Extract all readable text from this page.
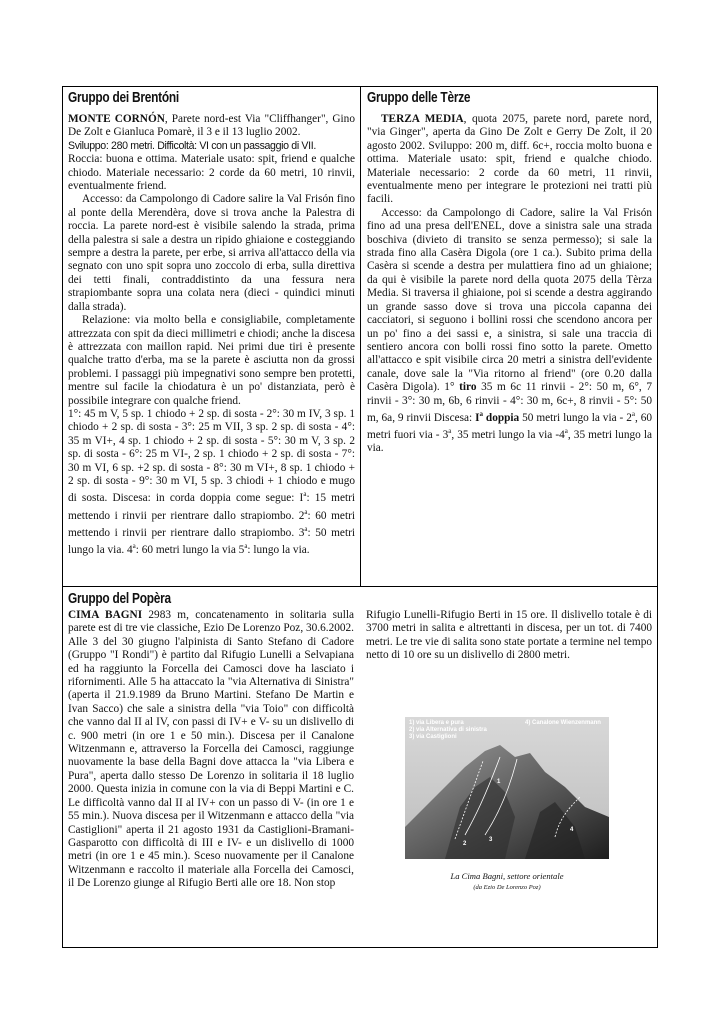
Gruppo dei Brentóni

MONTE CORNÓN, Parete nord-est Via "Cliffhanger", Gino De Zolt e Gianluca Pomarè, il 3 e il 13 luglio 2002.

Sviluppo: 280 metri. Difficoltà: VI con un passaggio di VII.

Roccia: buona e ottima. Materiale usato: spit, friend e qualche chiodo. Materiale necessario: 2 corde da 60 metri, 10 rinvii, eventualmente friend.

Accesso: da Campolongo di Cadore salire la Val Frisón fino al ponte della Merendèra, dove si trova anche la Palestra di roccia. La parete nord-est è visibile salendo la strada, prima della palestra si sale a destra un ripido ghiaione e costeggiando sempre a destra la parete, per erbe, si arriva all'attacco della via segnato con uno spit sopra uno zoccolo di erba, sulla direttiva dei tetti finali, contraddistinto da una fessura nera strapiombante sopra una colata nera (dieci - quindici minuti dalla strada).

Relazione: via molto bella e consigliabile, completamente attrezzata con spit da dieci millimetri e chiodi; anche la discesa è attrezzata con maillon rapid. Nei primi due tiri è presente qualche tratto d'erba, ma se la parete è asciutta non da grossi problemi. I passaggi più impegnativi sono sempre ben protetti, mentre sul facile la chiodatura è un po' distanziata, però è possibile integrare con qualche friend.

1°: 45 m V, 5 sp. 1 chiodo + 2 sp. di sosta - 2°: 30 m IV, 3 sp. 1 chiodo + 2 sp. di sosta - 3°: 25 m VII, 3 sp. 2 sp. di sosta - 4°: 35 m VI+, 4 sp. 1 chiodo + 2 sp. di sosta - 5°: 30 m V, 3 sp. 2 sp. di sosta - 6°: 25 m VI-, 2 sp. 1 chiodo + 2 sp. di sosta - 7°: 30 m VI, 6 sp. +2 sp. di sosta - 8°: 30 m VI+, 8 sp. 1 chiodo + 2 sp. di sosta - 9°: 30 m VI, 5 sp. 3 chiodi + 1 chiodo e mugo di sosta. Discesa: in corda doppia come segue: $I^a$: 15 metri mettendo i rinvii per rientrare dallo strapiombo. 2$^a$: 60 metri mettendo i rinvii per rientrare dallo strapiombo. 3$^a$: 50 metri lungo la via. 4$^a$: 60 metri lungo la via 5$^a$: lungo la via.

Gruppo delle Tèrze

TERZA MEDIA, quota 2075, parete nord, parete nord, "via Ginger", aperta da Gino De Zolt e Gerry De Zolt, il 20 agosto 2002. Sviluppo: 200 m, diff. 6c+, roccia molto buona e ottima. Materiale usato: spit, friend e qualche chiodo. Materiale necessario: 2 corde da 60 metri, 11 rinvii, eventualmente meno per integrare le protezioni nei tratti più facili.

Accesso: da Campolongo di Cadore, salire la Val Frisón fino ad una presa dell'ENEL, dove a sinistra sale una strada boschiva (divieto di transito se senza permesso); si sale la strada fino alla Casèra Digola (ore 1 ca.). Subito prima della Casèra si scende a destra per mulattiera fino ad un ghiaione; da qui è visibile la parete nord della quota 2075 della Tèrza Media. Si traversa il ghiaione, poi si scende a destra aggirando un grande sasso dove si trova una piccola capanna dei cacciatori, si seguono i bollini rossi che scendono ancora per un po' fino a dei sassi e, a sinistra, si sale una traccia di sentiero ancora con bolli rossi fino sotto la parete. Ometto all'attacco e spit visibile circa 20 metri a sinistra dell'evidente canale, dove sale la "Via ritorno al friend" (ore 0.20 dalla Casèra Digola). 1° tiro 35 m 6c 11 rinvii - 2°: 50 m, 6°, 7 rinvii - 3°: 30 m, 6b, 6 rinvii - 4°: 30 m, 6c+, 8 rinvii - 5°: 50 m, 6a, 9 rinvii Discesa: $I^a$ doppia 50 metri lungo la via - 2$^a$, 60 metri fuori via - 3$^a$, 35 metri lungo la via -4$^a$, 35 metri lungo la via.

Gruppo del Popèra

CIMA BAGNI 2983 m, concatenamento in solitaria sulla parete est di tre vie classiche, Ezio De Lorenzo Poz, 30.6.2002. Alle 3 del 30 giugno l'alpinista di Santo Stefano di Cadore (Gruppo "I Rondi") è partito dal Rifugio Lunelli a Selvapiana ed ha raggiunto la Forcella dei Camosci dove ha lasciato i rifornimenti. Alle 5 ha attaccato la "via Alternativa di Sinistra" (aperta il 21.9.1989 da Bruno Martini. Stefano De Martin e Ivan Sacco) che sale a sinistra della "via Toio" con difficoltà che vanno dal II al IV, con passi di IV+ e V- su un dislivello di c. 900 metri (in ore 1 e 50 min.). Discesa per il Canalone Witzenmann e, attraverso la Forcella dei Camosci, raggiunge nuovamente la base della Bagni dove attacca la "via Libera e Pura", aperta dallo stesso De Lorenzo in solitaria il 18 luglio 2000. Questa inizia in comune con la via di Beppi Martini e C. Le difficoltà vanno dal II al IV+ con un passo di V- (in ore 1 e 55 min.). Nuova discesa per il Witzenmann e attacco della "via Castiglioni" aperta il 21 agosto 1931 da Castiglioni-Bramani-Gasparotto con difficoltà di III e IV- e un dislivello di 1000 metri (in ore 1 e 45 min.). Sceso nuovamente per il Canalone Witzenmann e raccolto il materiale alla Forcella dei Camosci, il De Lorenzo giunge al Rifugio Berti alle ore 18. Non stop

Rifugio Lunelli-Rifugio Berti in 15 ore. Il dislivello totale è di 3700 metri in salita e altrettanti in discesa, per un tot. di 7400 metri. Le tre vie di salita sono state portate a termine nel tempo netto di 10 ore su un dislivello di 2800 metri.
1) via Libera e pura
2) via Alternativa di sinistra
3) via Castiglioni
4) Canalone Wienzenmann
1
2
3
4
La Cima Bagni, settore orientale
(da Ezio De Lorenzo Poz)
